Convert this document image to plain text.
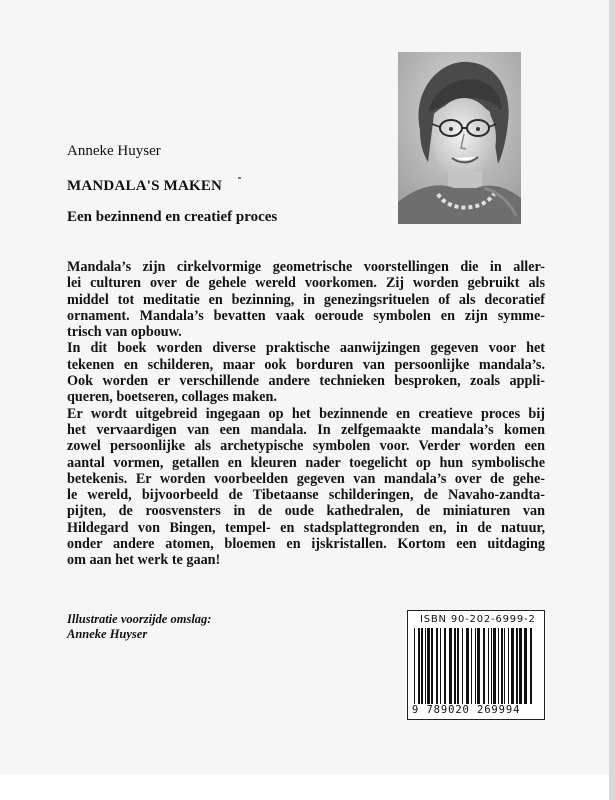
Anneke Huyser
MANDALA'S MAKEN
Een bezinnend en creatief proces
Mandala’s zijn cirkelvormige geometrische voorstellingen die in aller-
lei culturen over de gehele wereld voorkomen. Zij worden gebruikt als
middel tot meditatie en bezinning, in genezingsrituelen of als decoratief
ornament. Mandala’s bevatten vaak oeroude symbolen en zijn symme-
trisch van opbouw.
In dit boek worden diverse praktische aanwijzingen gegeven voor het
tekenen en schilderen, maar ook borduren van persoonlijke mandala’s.
Ook worden er verschillende andere technieken besproken, zoals appli-
queren, boetseren, collages maken.
Er wordt uitgebreid ingegaan op het bezinnende en creatieve proces bij
het vervaardigen van een mandala. In zelfgemaakte mandala’s komen
zowel persoonlijke als archetypische symbolen voor. Verder worden een
aantal vormen, getallen en kleuren nader toegelicht op hun symbolische
betekenis. Er worden voorbeelden gegeven van mandala’s over de gehe-
le wereld, bijvoorbeeld de Tibetaanse schilderingen, de Navaho-zandta-
pijten, de roosvensters in de oude kathedralen, de miniaturen van
Hildegard von Bingen, tempel- en stadsplattegronden en, in de natuur,
onder andere atomen, bloemen en ijskristallen. Kortom een uitdaging
om aan het werk te gaan!
Illustratie voorzijde omslag:
Anneke Huyser
ISBN 90-202-6999-2
9 789020 269994
